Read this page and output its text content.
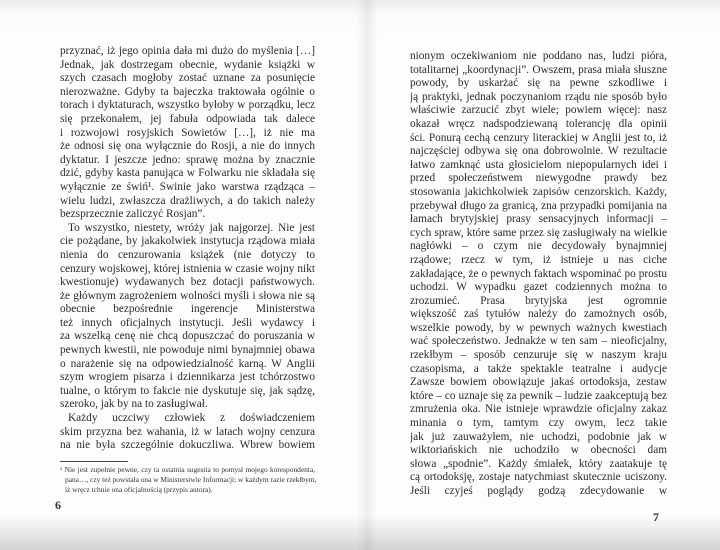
przyznać, iż jego opinia dała mi dużo do myślenia […]
Jednak, jak dostrzegam obecnie, wydanie książki w
szych czasach mogłoby zostać uznane za posunięcie
nierozważne. Gdyby ta bajeczka traktowała ogólnie o
torach i dyktaturach, wszystko byłoby w porządku, lecz
się przekonałem, jej fabuła odpowiada tak dalece
i rozwojowi rosyjskich Sowietów […], iż nie ma
że odnosi się ona wyłącznie do Rosji, a nie do innych
dyktatur. I jeszcze jedno: sprawę można by znacznie
dzić, gdyby kasta panująca w Folwarku nie składała się
wyłącznie ze świń¹. Świnie jako warstwa rządząca –
wielu ludzi, zwłaszcza drażliwych, a do takich należy
bezsprzecznie zaliczyć Rosjan”.
To wszystko, niestety, wróży jak najgorzej. Nie jest
cie pożądane, by jakakolwiek instytucja rządowa miała
nienia do cenzurowania książek (nie dotyczy to
cenzury wojskowej, której istnienia w czasie wojny nikt
kwestionuje) wydawanych bez dotacji państwowych.
że głównym zagrożeniem wolności myśli i słowa nie są
obecnie bezpośrednie ingerencje Ministerstwa
też innych oficjalnych instytucji. Jeśli wydawcy i
za wszelką cenę nie chcą dopuszczać do poruszania w
pewnych kwestii, nie powoduje nimi bynajmniej obawa
o narażenie się na odpowiedzialność karną. W Anglii
szym wrogiem pisarza i dziennikarza jest tchórzostwo
tualne, o którym to fakcie nie dyskutuje się, jak sądzę,
szeroko, jak by na to zasługiwał.
Każdy uczciwy człowiek z doświadczeniem
skim przyzna bez wahania, iż w latach wojny cenzura
na nie była szczególnie dokuczliwa. Wbrew bowiem
¹ Nie jest zupełnie pewne, czy ta ostatnia sugestia to pomysł mojego korespondenta,
pana…, czy też powstała ona w Ministerstwie Informacji; w każdym razie rzekłbym,
iż wręcz tchnie ona oficjalnością (przypis autora).
6
nionym oczekiwaniom nie poddano nas, ludzi pióra,
totalitarnej „koordynacji”. Owszem, prasa miała słuszne
powody, by uskarżać się na pewne szkodliwe i
ją praktyki, jednak poczynaniom rządu nie sposób było
właściwie zarzucić zbyt wiele; powiem więcej: nasz
okazał wręcz nadspodziewaną tolerancję dla opinii
ści. Ponurą cechą cenzury literackiej w Anglii jest to, iż
najczęściej odbywa się ona dobrowolnie. W rezultacie
łatwo zamknąć usta głosicielom niepopularnych idei i
przed społeczeństwem niewygodne prawdy bez
stosowania jakichkolwiek zapisów cenzorskich. Każdy,
przebywał długo za granicą, zna przypadki pomijania na
łamach brytyjskiej prasy sensacyjnych informacji –
cych spraw, które same przez się zasługiwały na wielkie
nagłówki – o czym nie decydowały bynajmniej
rządowe; rzecz w tym, iż istnieje u nas ciche
zakładające, że o pewnych faktach wspominać po prostu
uchodzi. W wypadku gazet codziennych można to
zrozumieć. Prasa brytyjska jest ogromnie
większość zaś tytułów należy do zamożnych osób,
wszelkie powody, by w pewnych ważnych kwestiach
wać społeczeństwo. Jednakże w ten sam – nieoficjalny,
rzekłbym – sposób cenzuruje się w naszym kraju
czasopisma, a także spektakle teatralne i audycje
Zawsze bowiem obowiązuje jakaś ortodoksja, zestaw
które – co uznaje się za pewnik – ludzie zaakceptują bez
zmrużenia oka. Nie istnieje wprawdzie oficjalny zakaz
minania o tym, tamtym czy owym, lecz takie
jak już zauważyłem, nie uchodzi, podobnie jak w
wiktoriańskich nie uchodziło w obecności dam
słowa „spodnie”. Każdy śmiałek, który zaatakuje tę
cą ortodoksję, zostaje natychmiast skutecznie uciszony.
Jeśli czyjeś poglądy godzą zdecydowanie w
7
